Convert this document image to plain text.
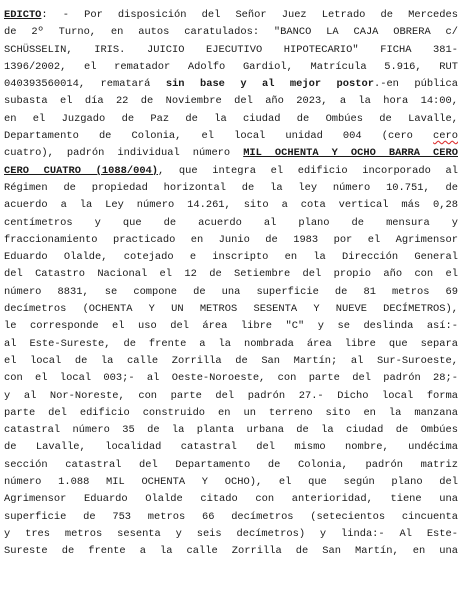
EDICTO: - Por disposición del Señor Juez Letrado de Mercedes
de 2º Turno, en autos caratulados: "BANCO LA CAJA OBRERA c/
SCHÜSSELIN, IRIS. JUICIO EJECUTIVO HIPOTECARIO" FICHA 381-
1396/2002, el rematador Adolfo Gardiol, Matrícula 5.916, RUT
040393560014, rematará sin base y al mejor postor.-en pública
subasta el día 22 de Noviembre del año 2023, a la hora 14:00,
en el Juzgado de Paz de la ciudad de Ombúes de Lavalle,
Departamento de Colonia, el local unidad 004 (cero cero
cuatro), padrón individual número MIL OCHENTA Y OCHO BARRA CERO
CERO CUATRO (1088/004), que integra el edificio incorporado al
Régimen de propiedad horizontal de la ley número 10.751, de
acuerdo a la Ley número 14.261, sito a cota vertical más 0,28
centímetros y que de acuerdo al plano de mensura y
fraccionamiento practicado en Junio de 1983 por el Agrimensor
Eduardo Olalde, cotejado e inscripto en la Dirección General
del Catastro Nacional el 12 de Setiembre del propio año con el
número 8831, se compone de una superficie de 81 metros 69
decímetros (OCHENTA Y UN METROS SESENTA Y NUEVE DECÍMETROS),
le corresponde el uso del área libre "C" y se deslinda así:-
al Este-Sureste, de frente a la nombrada área libre que separa
el local de la calle Zorrilla de San Martín; al Sur-Suroeste,
con el local 003;- al Oeste-Noroeste, con parte del padrón 28;-
y al Nor-Noreste, con parte del padrón 27.- Dicho local forma
parte del edificio construido en un terreno sito en la manzana
catastral número 35 de la planta urbana de la ciudad de Ombúes
de Lavalle, localidad catastral del mismo nombre, undécima
sección catastral del Departamento de Colonia, padrón matriz
número 1.088 MIL OCHENTA Y OCHO), el que según plano del
Agrimensor Eduardo Olalde citado con anterioridad, tiene una
superficie de 753 metros 66 decímetros (setecientos cincuenta
y tres metros sesenta y seis decímetros) y linda:- Al Este-
Sureste de frente a la calle Zorrilla de San Martín, en una
